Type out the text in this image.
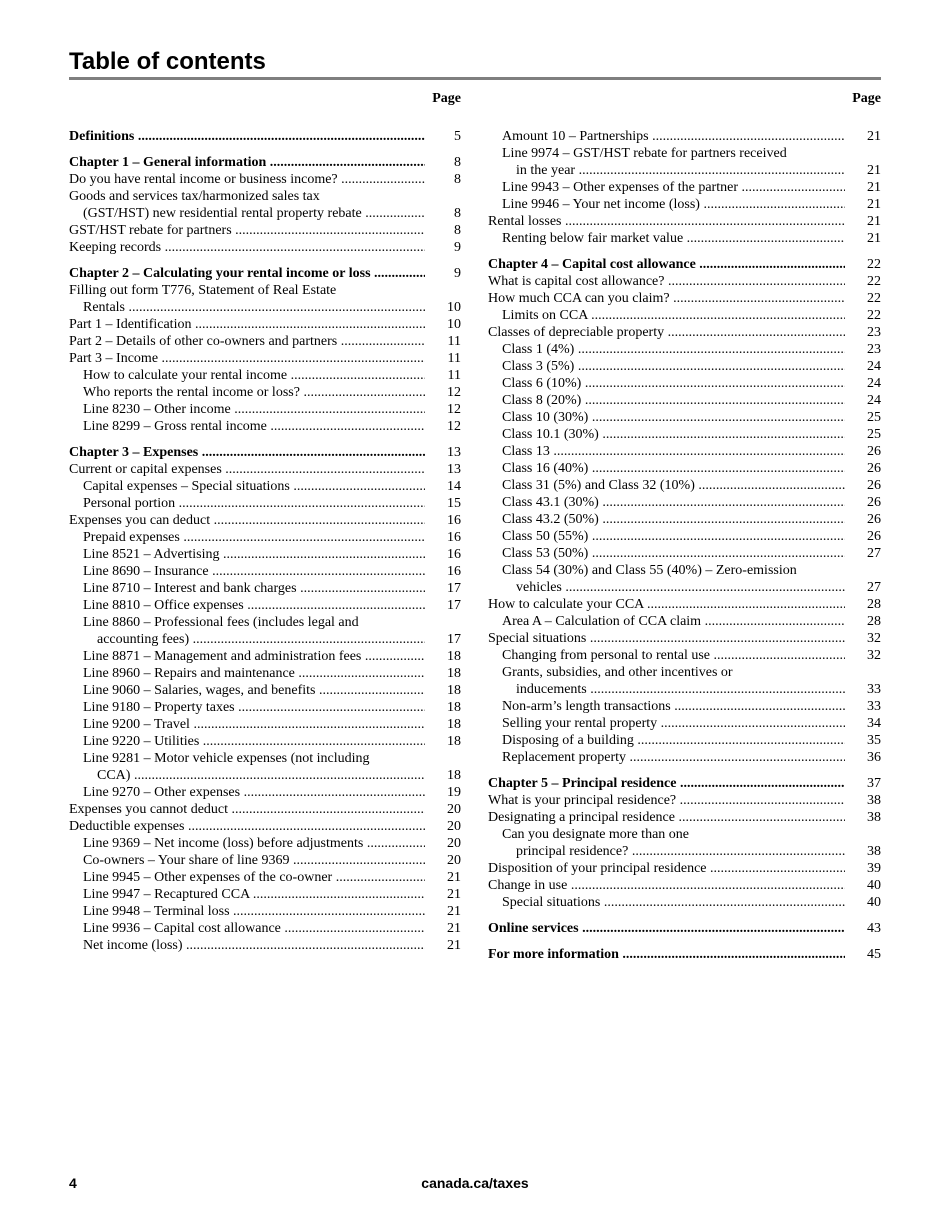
Table of contents
Page
Definitions .....	5
Chapter 1 – General information .....	8
Do you have rental income or business income? .....	8
Goods and services tax/harmonized sales tax
(GST/HST) new residential rental property rebate .....	8
GST/HST rebate for partners .....	8
Keeping records .....	9
Chapter 2 – Calculating your rental income or loss .....	9
Filling out form T776, Statement of Real Estate
Rentals .....	10
Part 1 – Identification .....	10
Part 2 – Details of other co-owners and partners .....	11
Part 3 – Income .....	11
How to calculate your rental income .....	11
Who reports the rental income or loss? .....	12
Line 8230 – Other income .....	12
Line 8299 – Gross rental income .....	12
Chapter 3 – Expenses .....	13
Current or capital expenses .....	13
Capital expenses – Special situations .....	14
Personal portion .....	15
Expenses you can deduct .....	16
Prepaid expenses .....	16
Line 8521 – Advertising .....	16
Line 8690 – Insurance .....	16
Line 8710 – Interest and bank charges .....	17
Line 8810 – Office expenses .....	17
Line 8860 – Professional fees (includes legal and
accounting fees) .....	17
Line 8871 – Management and administration fees .....	18
Line 8960 – Repairs and maintenance .....	18
Line 9060 – Salaries, wages, and benefits .....	18
Line 9180 – Property taxes .....	18
Line 9200 – Travel .....	18
Line 9220 – Utilities .....	18
Line 9281 – Motor vehicle expenses (not including
CCA) .....	18
Line 9270 – Other expenses .....	19
Expenses you cannot deduct .....	20
Deductible expenses .....	20
Line 9369 – Net income (loss) before adjustments .....	20
Co-owners – Your share of line 9369 .....	20
Line 9945 – Other expenses of the co-owner .....	21
Line 9947 – Recaptured CCA .....	21
Line 9948 – Terminal loss .....	21
Line 9936 – Capital cost allowance .....	21
Net income (loss) .....	21
Page
Amount 10 – Partnerships .....	21
Line 9974 – GST/HST rebate for partners received
in the year .....	21
Line 9943 – Other expenses of the partner .....	21
Line 9946 – Your net income (loss) .....	21
Rental losses .....	21
Renting below fair market value .....	21
Chapter 4 – Capital cost allowance .....	22
What is capital cost allowance? .....	22
How much CCA can you claim? .....	22
Limits on CCA .....	22
Classes of depreciable property .....	23
Class 1 (4%) .....	23
Class 3 (5%) .....	24
Class 6 (10%) .....	24
Class 8 (20%) .....	24
Class 10 (30%) .....	25
Class 10.1 (30%) .....	25
Class 13 .....	26
Class 16 (40%) .....	26
Class 31 (5%) and Class 32 (10%) .....	26
Class 43.1 (30%) .....	26
Class 43.2 (50%) .....	26
Class 50 (55%) .....	26
Class 53 (50%) .....	27
Class 54 (30%) and Class 55 (40%) – Zero-emission
vehicles .....	27
How to calculate your CCA .....	28
Area A – Calculation of CCA claim .....	28
Special situations .....	32
Changing from personal to rental use .....	32
Grants, subsidies, and other incentives or
inducements .....	33
Non-arm’s length transactions .....	33
Selling your rental property .....	34
Disposing of a building .....	35
Replacement property .....	36
Chapter 5 – Principal residence .....	37
What is your principal residence? .....	38
Designating a principal residence .....	38
Can you designate more than one
principal residence? .....	38
Disposition of your principal residence .....	39
Change in use .....	40
Special situations .....	40
Online services .....	43
For more information .....	45
4	canada.ca/taxes
